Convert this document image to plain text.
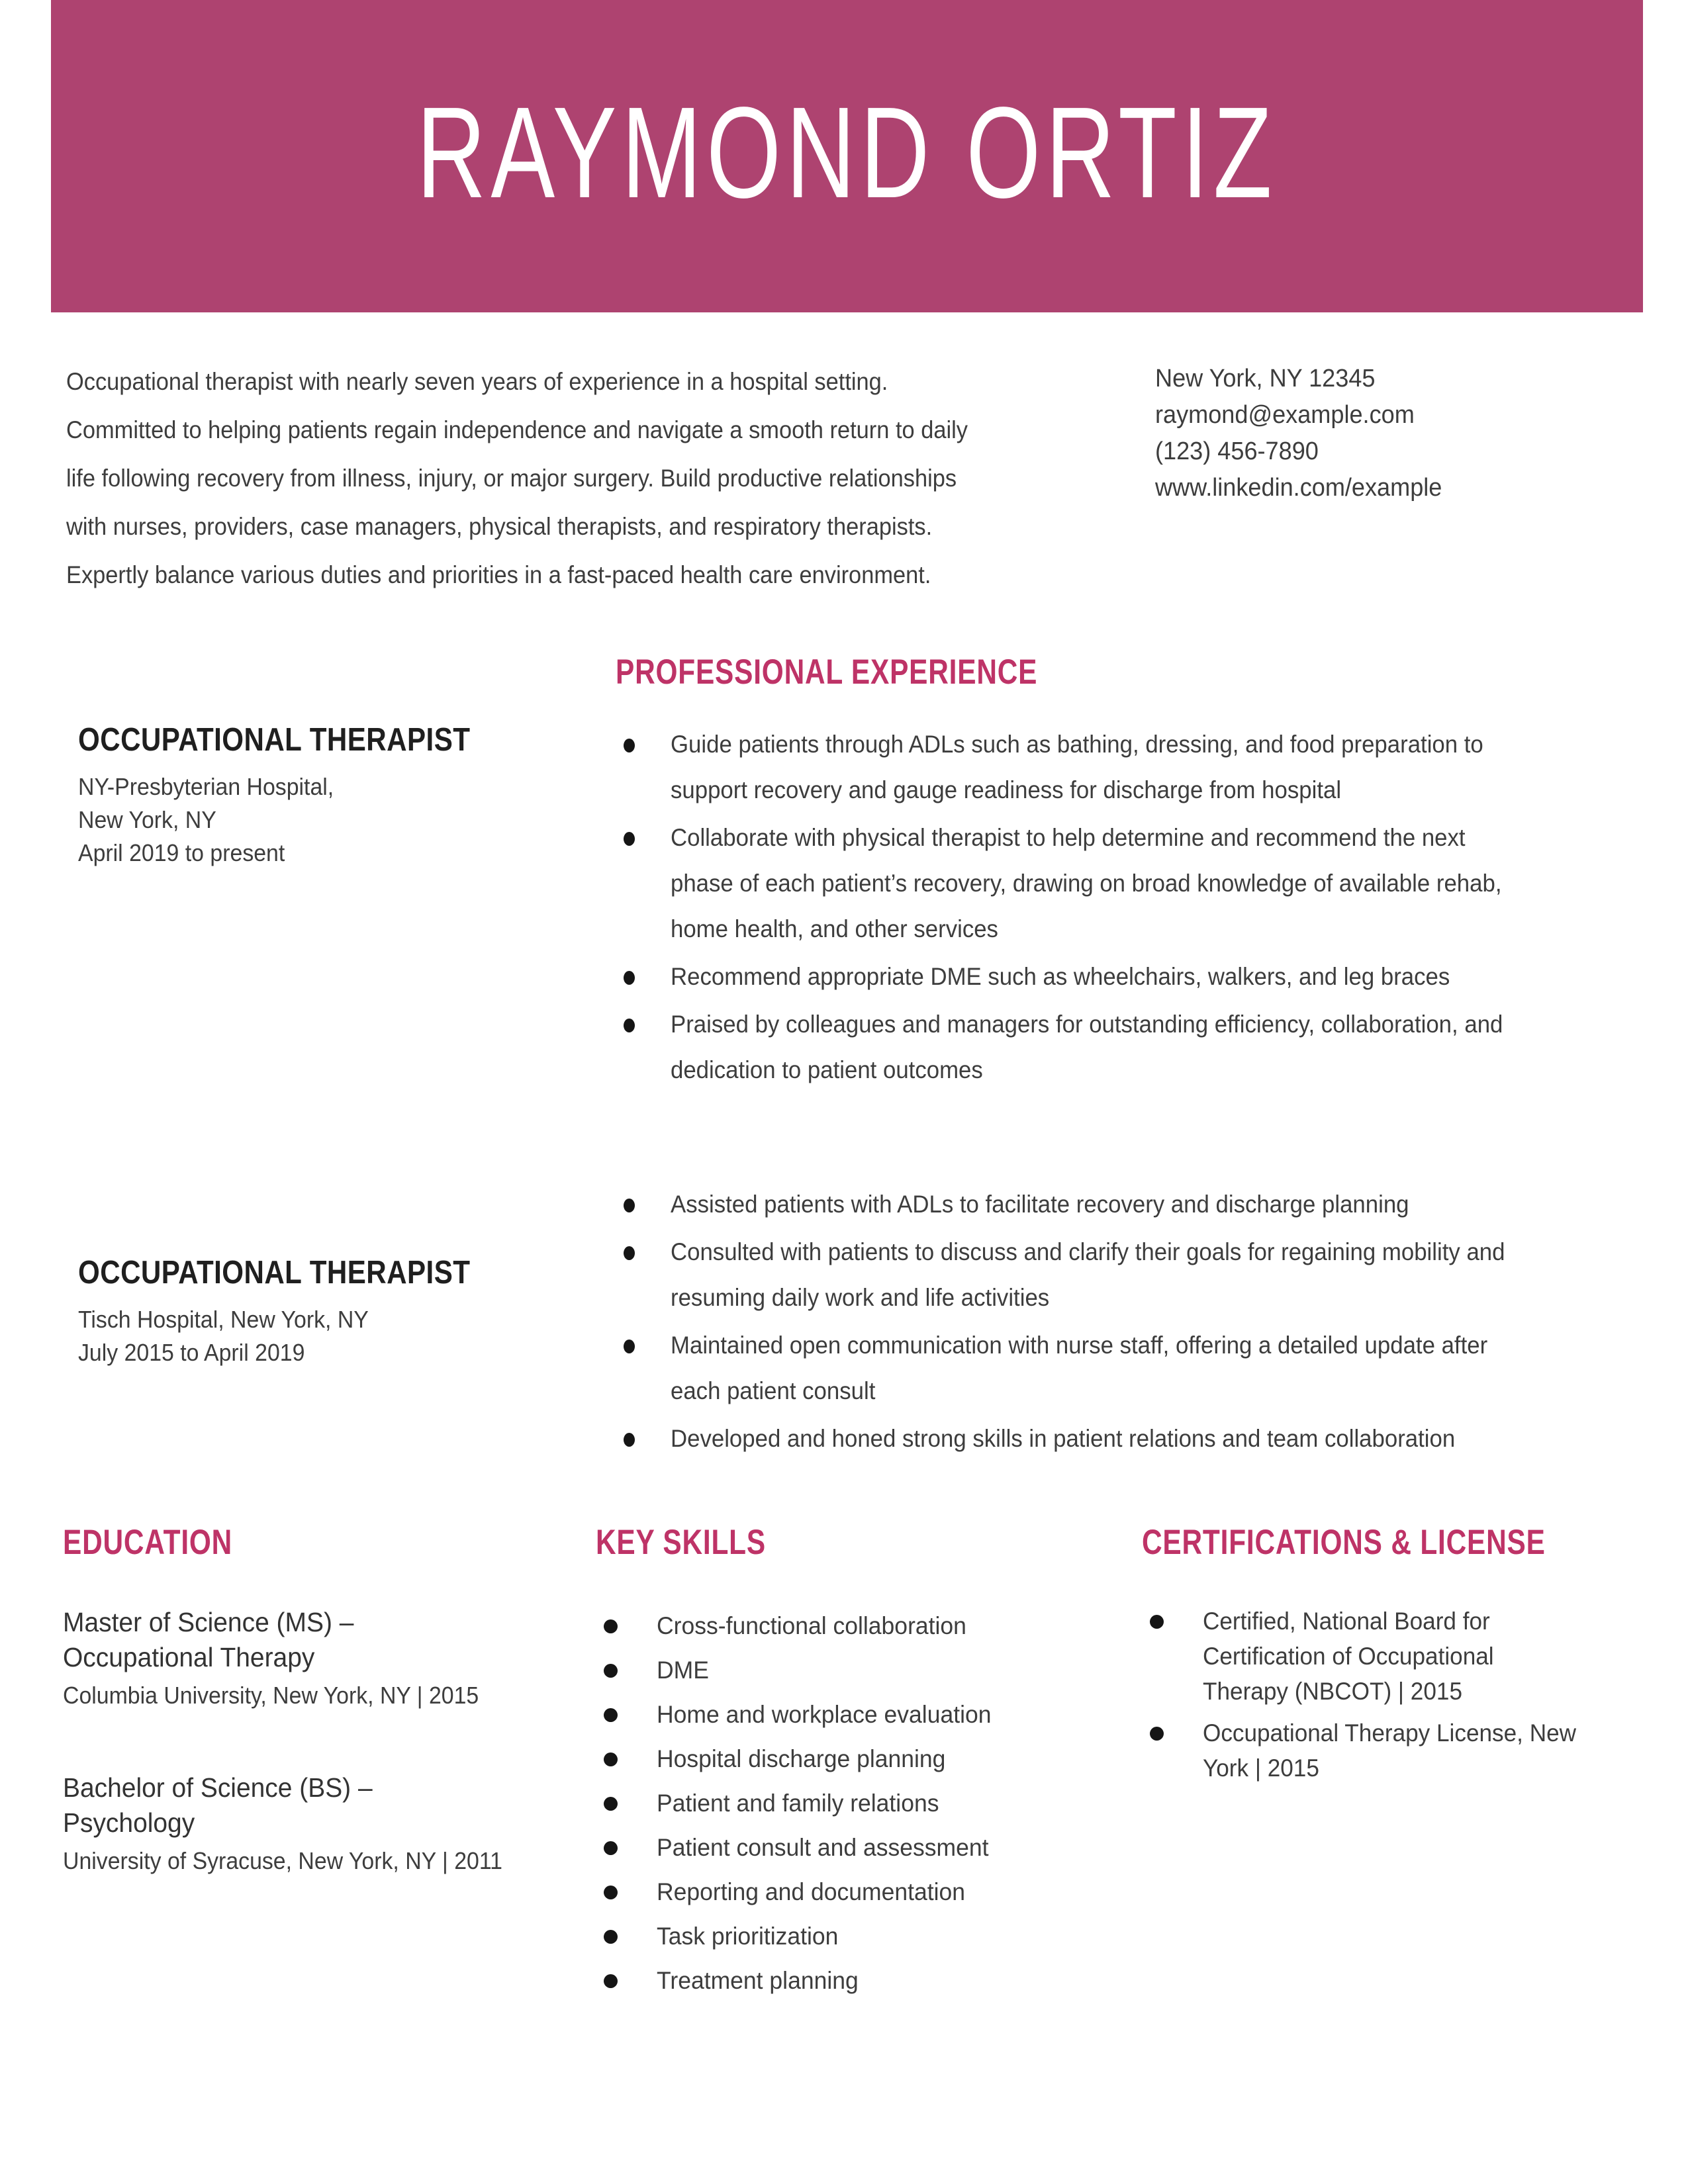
RAYMOND ORTIZ
Occupational therapist with nearly seven years of experience in a hospital setting.
Committed to helping patients regain independence and navigate a smooth return to daily
life following recovery from illness, injury, or major surgery. Build productive relationships
with nurses, providers, case managers, physical therapists, and respiratory therapists.
Expertly balance various duties and priorities in a fast-paced health care environment.
New York, NY 12345
raymond@example.com
(123) 456-7890
www.linkedin.com/example
PROFESSIONAL EXPERIENCE
OCCUPATIONAL THERAPIST
NY-Presbyterian Hospital,
New York, NY
April 2019 to present
Guide patients through ADLs such as bathing, dressing, and food preparation to support recovery and gauge readiness for discharge from hospital
Collaborate with physical therapist to help determine and recommend the next phase of each patient’s recovery, drawing on broad knowledge of available rehab, home health, and other services
Recommend appropriate DME such as wheelchairs, walkers, and leg braces
Praised by colleagues and managers for outstanding efficiency, collaboration, and dedication to patient outcomes
OCCUPATIONAL THERAPIST
Tisch Hospital, New York, NY
July 2015 to April 2019
Assisted patients with ADLs to facilitate recovery and discharge planning
Consulted with patients to discuss and clarify their goals for regaining mobility and resuming daily work and life activities
Maintained open communication with nurse staff, offering a detailed update after each patient consult
Developed and honed strong skills in patient relations and team collaboration
EDUCATION
Master of Science (MS) –
Occupational Therapy
Columbia University, New York, NY | 2015
Bachelor of Science (BS) –
Psychology
University of Syracuse, New York, NY | 2011
KEY SKILLS
Cross-functional collaboration
DME
Home and workplace evaluation
Hospital discharge planning
Patient and family relations
Patient consult and assessment
Reporting and documentation
Task prioritization
Treatment planning
CERTIFICATIONS & LICENSE
Certified, National Board for
Certification of Occupational
Therapy (NBCOT) | 2015
Occupational Therapy License, New
York | 2015
